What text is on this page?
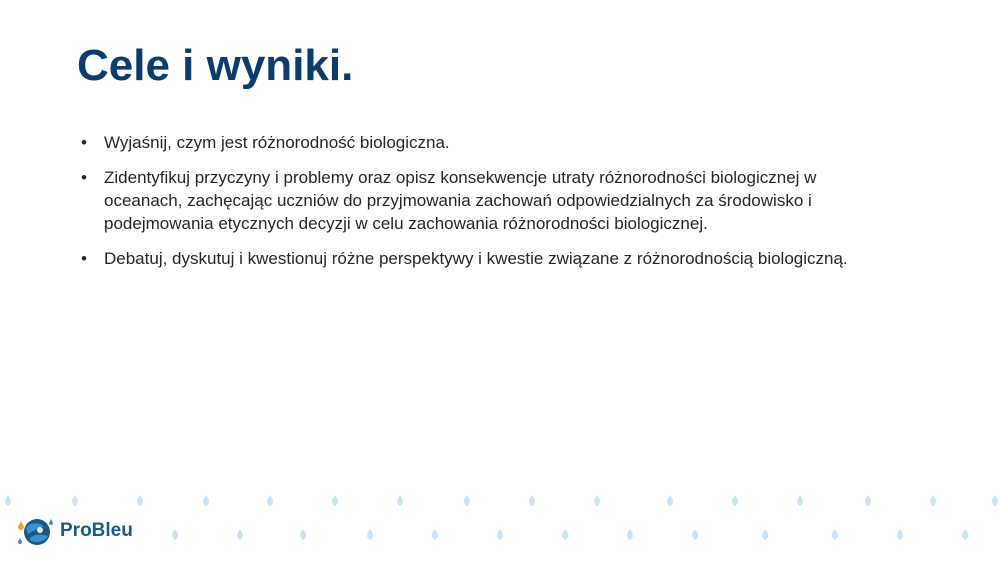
Cele i wyniki.
• Wyjaśnij, czym jest różnorodność biologiczna.
• Zidentyfikuj przyczyny i problemy oraz opisz konsekwencje utraty różnorodności biologicznej w oceanach, zachęcając uczniów do przyjmowania zachowań odpowiedzialnych za środowisko i podejmowania etycznych decyzji w celu zachowania różnorodności biologicznej.
• Debatuj, dyskutuj i kwestionuj różne perspektywy i kwestie związane z różnorodnością biologiczną.
ProBleu
